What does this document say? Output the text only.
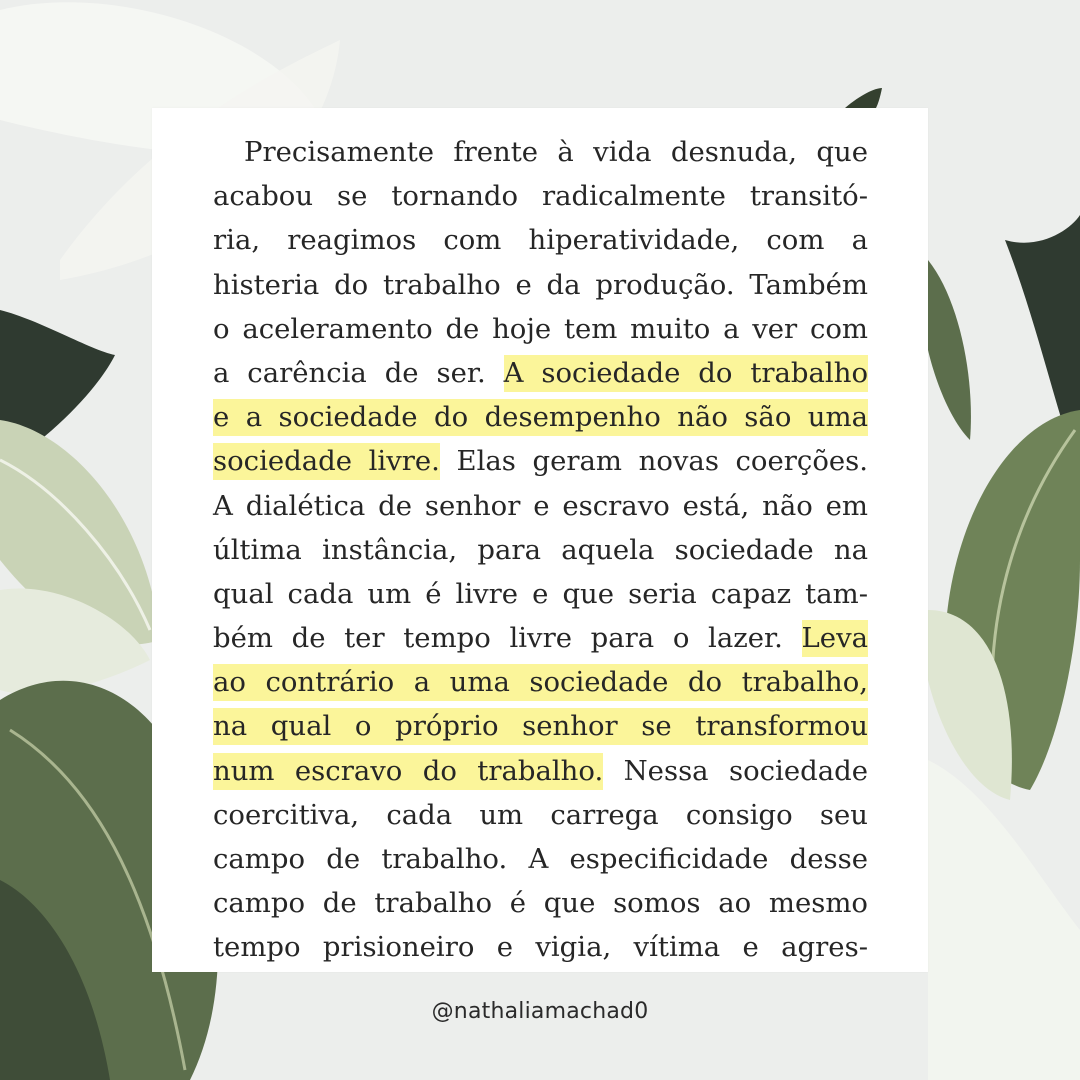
Precisamente frente à vida desnuda, que
acabou se tornando radicalmente transitó-
ria, reagimos com hiperatividade, com a
histeria do trabalho e da produção. Também
o aceleramento de hoje tem muito a ver com
a carência de ser. A sociedade do trabalho
e a sociedade do desempenho não são uma
sociedade livre. Elas geram novas coerções.
A dialética de senhor e escravo está, não em
última instância, para aquela sociedade na
qual cada um é livre e que seria capaz tam-
bém de ter tempo livre para o lazer. Leva
ao contrário a uma sociedade do trabalho,
na qual o próprio senhor se transformou
num escravo do trabalho. Nessa sociedade
coercitiva, cada um carrega consigo seu
campo de trabalho. A especificidade desse
campo de trabalho é que somos ao mesmo
tempo prisioneiro e vigia, vítima e agres-
@nathaliamachad0
